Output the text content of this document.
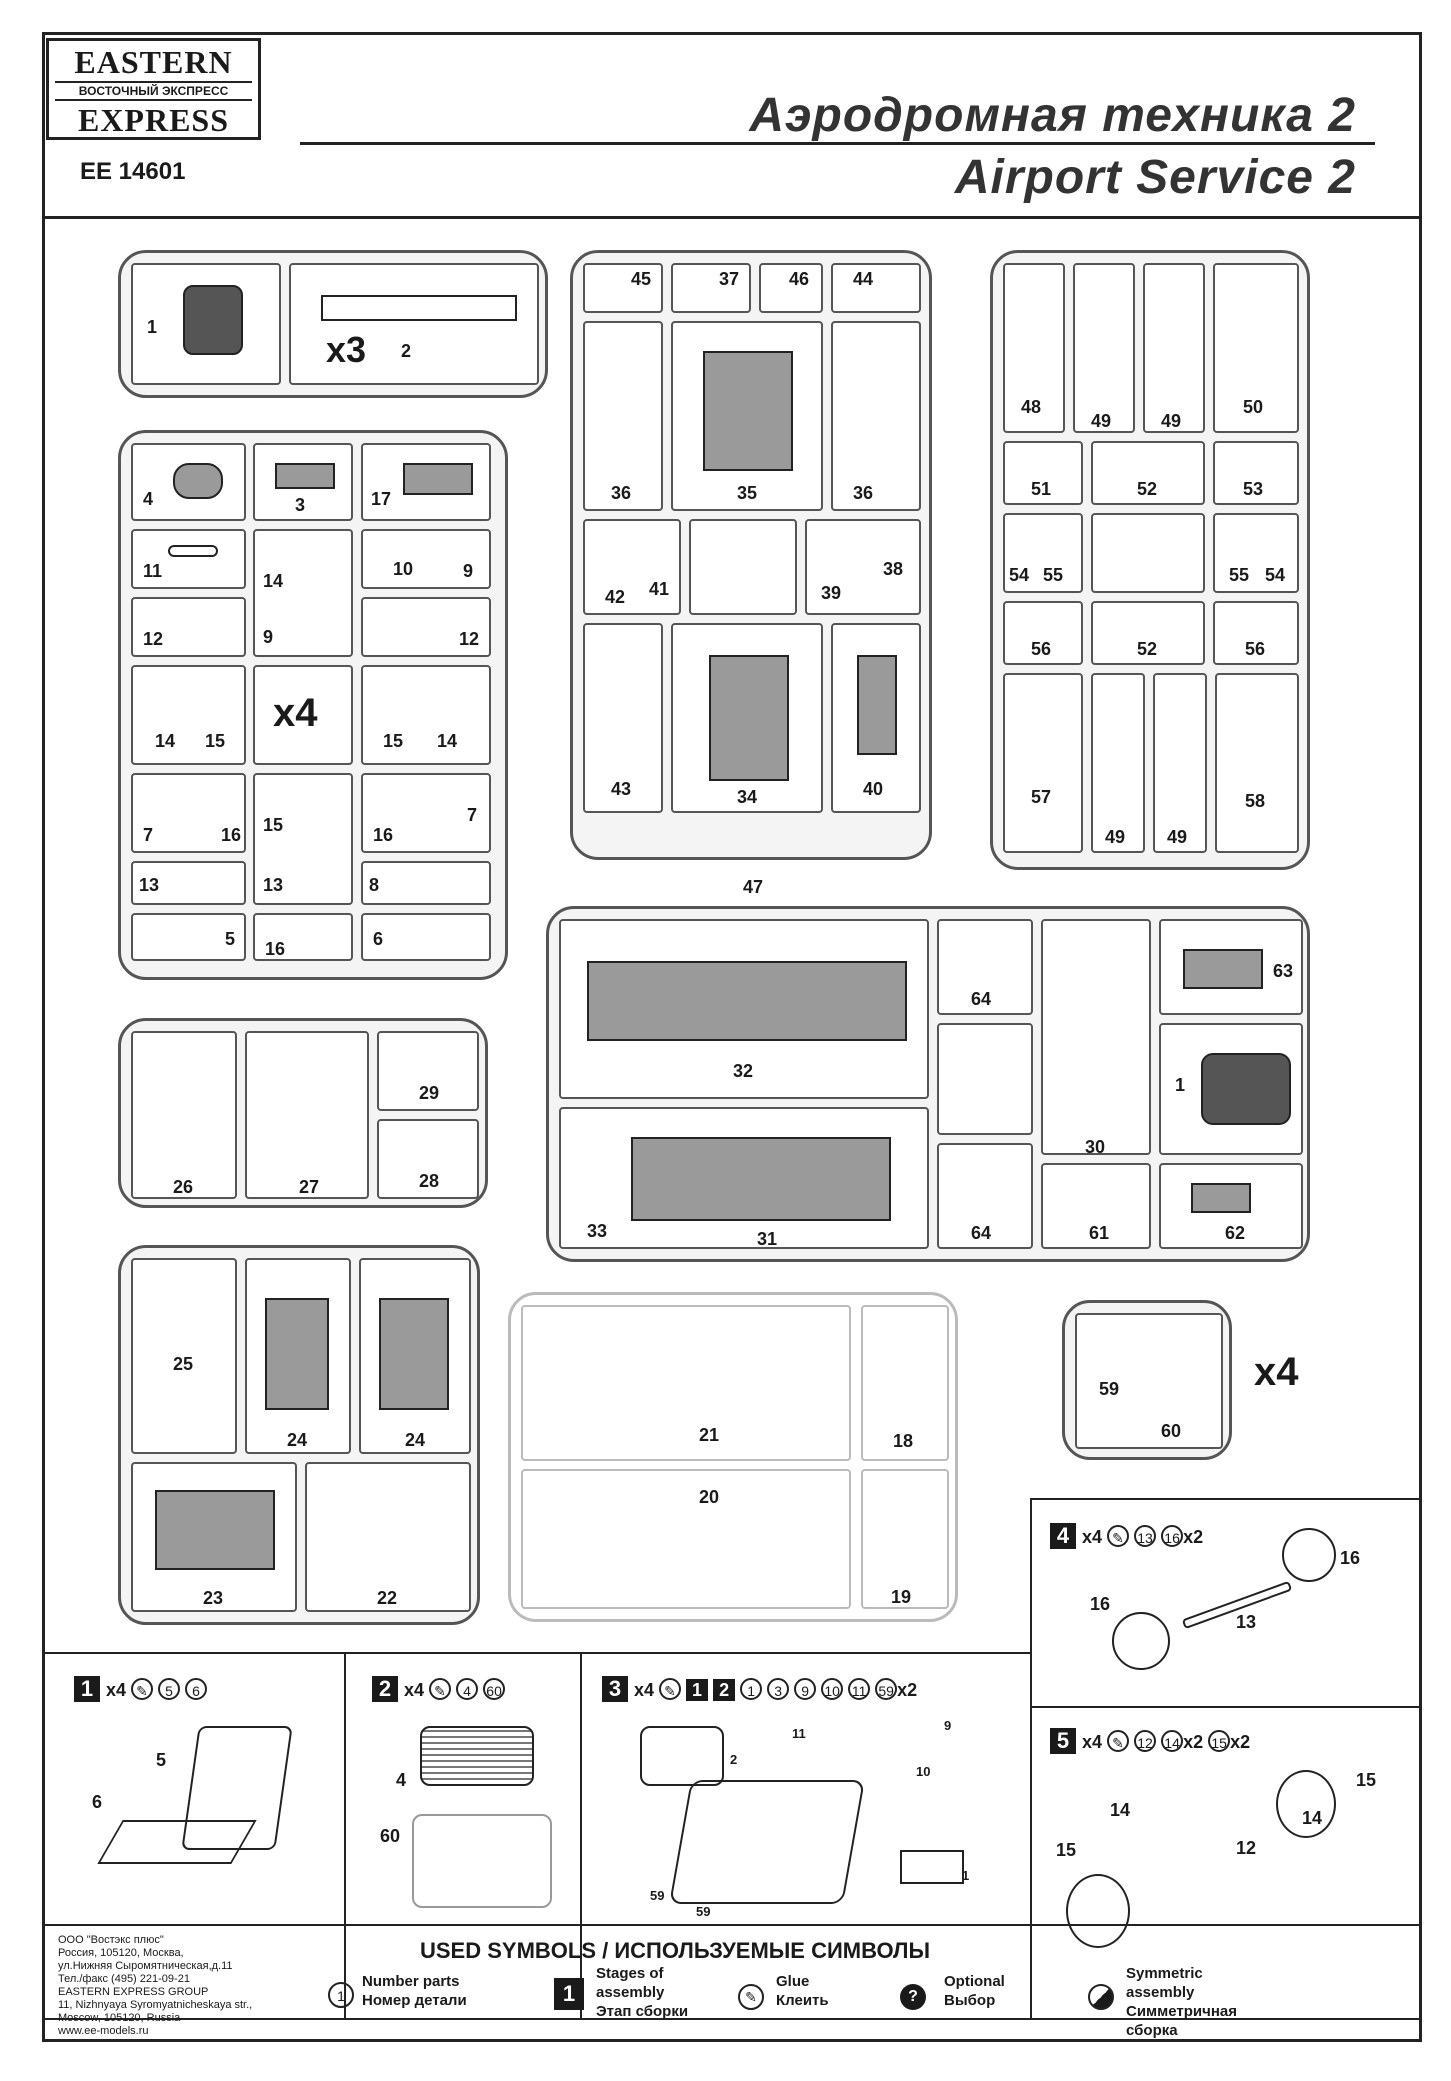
EASTERN
ВОСТОЧНЫЙ ЭКСПРЕСС
EXPRESS
EE 14601
Аэродромная техника 2
Airport Service 2
1
x3 2
4	3	17
11	14
9
10	9
12	12
14 15
x4
15 14
7	16 15
13
16
7
13	8
5 16	6
45	37	46 44
36	35	36
42 41	39
38
43	34	40
47
48
49	49
50
51	52	53
54 55	55 54
56	52	56
57
49 49
58
26	27
29
28
32
64
30
63
1
33	31	64	61	62
25
24	24
23	22
21	18
20
19
59
60
x4
4 x4 ✎ 13 16 x2
16
16
13
5 x4 ✎ 12 14 x2 15 x2
15
14
12
14
15
1 x4 ✎ 5 6
5
6
2 x4 ✎ 4 60
4
60
3 x4 ✎ 1 2 1 3 9 10 11 59 x2
11
2
9
10
59
59
1
USED SYMBOLS / ИСПОЛЬЗУЕМЫЕ СИМВОЛЫ
ООО "Востэкс плюс"
Россия, 105120, Москва,
ул.Нижняя Сыромятническая,д.11
Тел./факс (495) 221-09-21
EASTERN EXPRESS GROUP
11, Nizhnyaya Syromyatnicheskaya str.,
Moscow, 105120, Russia
www.ee-models.ru
1
Number parts
Номер детали	1
Stages of assembly
Этап сборки
✎
Glue
Клеить	?
Optional
Выбор
Symmetric assembly
Симметричная сборка
